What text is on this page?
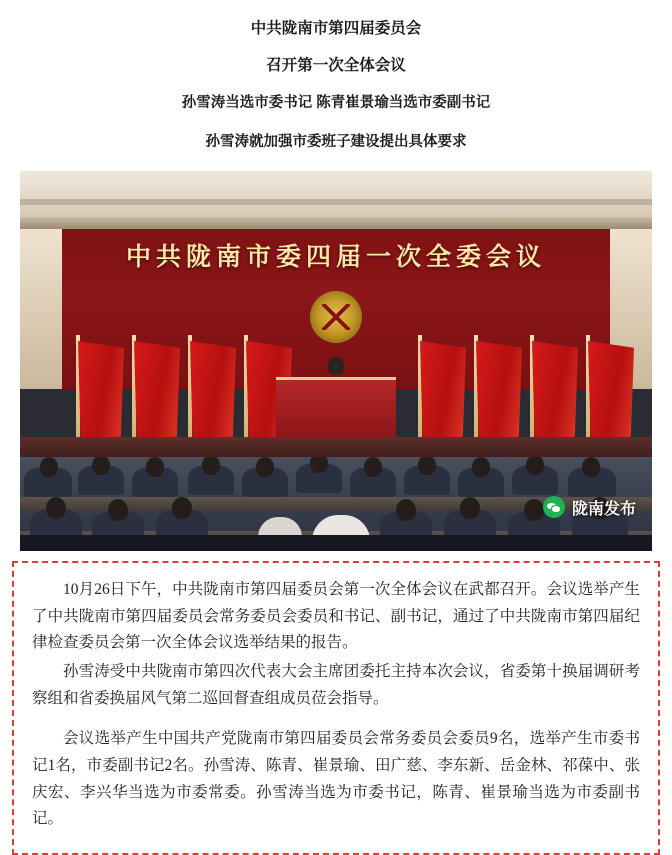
中共陇南市第四届委员会
召开第一次全体会议
孙雪涛当选市委书记 陈青崔景瑜当选市委副书记
孙雪涛就加强市委班子建设提出具体要求
中共陇南市委四届一次全委会议
陇南发布

10月26日下午，中共陇南市第四届委员会第一次全体会议在武都召开。会议选举产生了中共陇南市第四届委员会常务委员会委员和书记、副书记，通过了中共陇南市第四届纪律检查委员会第一次全体会议选举结果的报告。

孙雪涛受中共陇南市第四次代表大会主席团委托主持本次会议，省委第十换届调研考察组和省委换届风气第二巡回督查组成员莅会指导。

会议选举产生中国共产党陇南市第四届委员会常务委员会委员9名，选举产生市委书记1名，市委副书记2名。孙雪涛、陈青、崔景瑜、田广慈、李东新、岳金林、祁葆中、张庆宏、李兴华当选为市委常委。孙雪涛当选为市委书记，陈青、崔景瑜当选为市委副书记。
